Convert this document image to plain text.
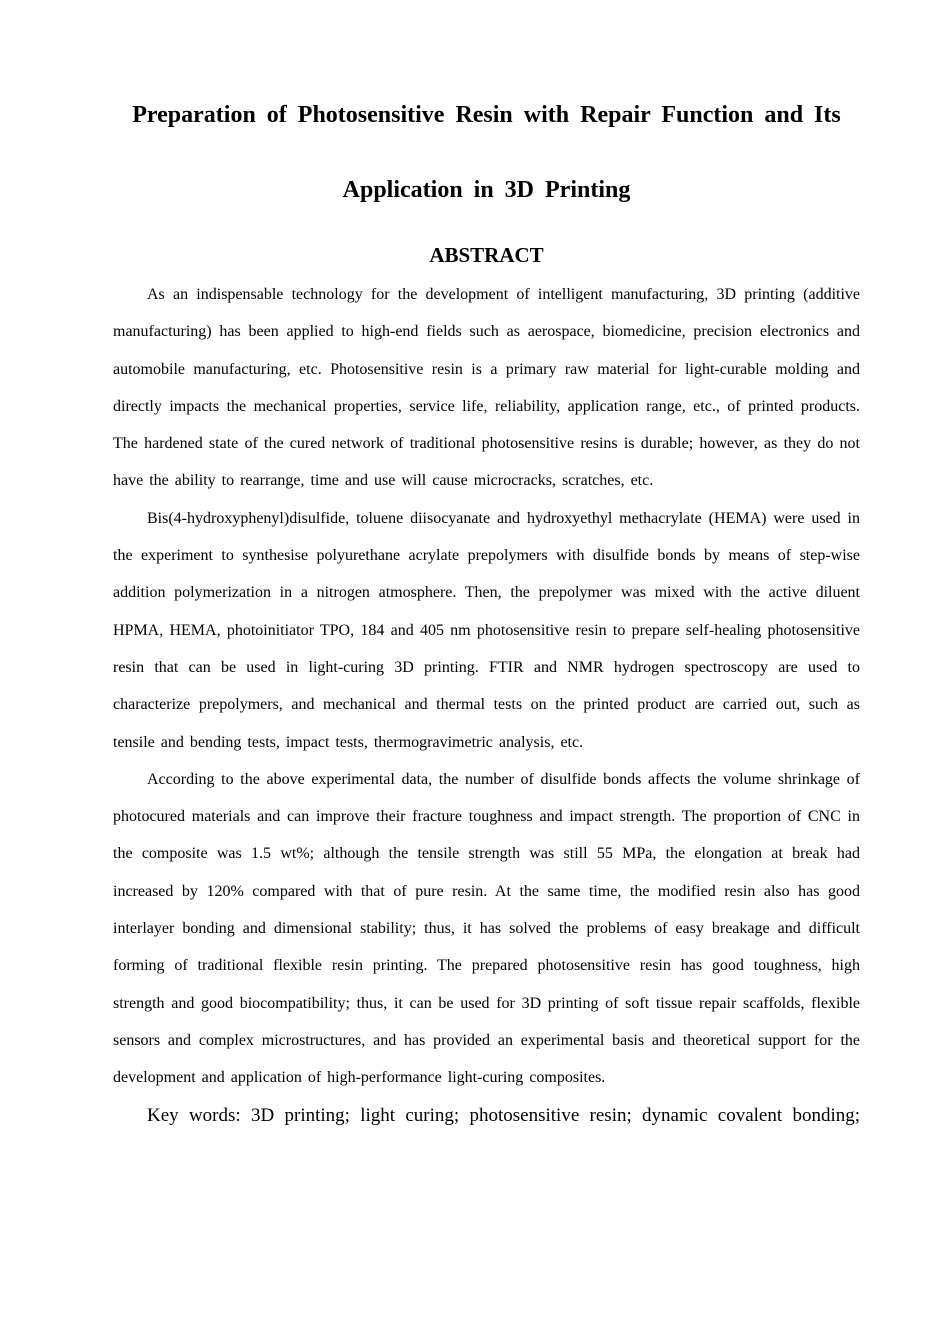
Preparation of Photosensitive Resin with Repair Function and Its
Application in 3D Printing
ABSTRACT

As an indispensable technology for the development of intelligent manufacturing, 3D printing (additive manufacturing) has been applied to high-end fields such as aerospace, biomedicine, precision electronics and automobile manufacturing, etc. Photosensitive resin is a primary raw material for light-curable molding and directly impacts the mechanical properties, service life, reliability, application range, etc., of printed products. The hardened state of the cured network of traditional photosensitive resins is durable; however, as they do not have the ability to rearrange, time and use will cause microcracks, scratches, etc.

Bis(4-hydroxyphenyl)disulfide, toluene diisocyanate and hydroxyethyl methacrylate (HEMA) were used in the experiment to synthesise polyurethane acrylate prepolymers with disulfide bonds by means of step-wise addition polymerization in a nitrogen atmosphere. Then, the prepolymer was mixed with the active diluent HPMA, HEMA, photoinitiator TPO, 184 and 405 nm photosensitive resin to prepare self-healing photosensitive resin that can be used in light-curing 3D printing. FTIR and NMR hydrogen spectroscopy are used to characterize prepolymers, and mechanical and thermal tests on the printed product are carried out, such as tensile and bending tests, impact tests, thermogravimetric analysis, etc.

According to the above experimental data, the number of disulfide bonds affects the volume shrinkage of photocured materials and can improve their fracture toughness and impact strength. The proportion of CNC in the composite was 1.5 wt%; although the tensile strength was still 55 MPa, the elongation at break had increased by 120% compared with that of pure resin. At the same time, the modified resin also has good interlayer bonding and dimensional stability; thus, it has solved the problems of easy breakage and difficult forming of traditional flexible resin printing. The prepared photosensitive resin has good toughness, high strength and good biocompatibility; thus, it can be used for 3D printing of soft tissue repair scaffolds, flexible sensors and complex microstructures, and has provided an experimental basis and theoretical support for the development and application of high-performance light-curing composites.

Key words: 3D printing; light curing; photosensitive resin; dynamic covalent bonding;
